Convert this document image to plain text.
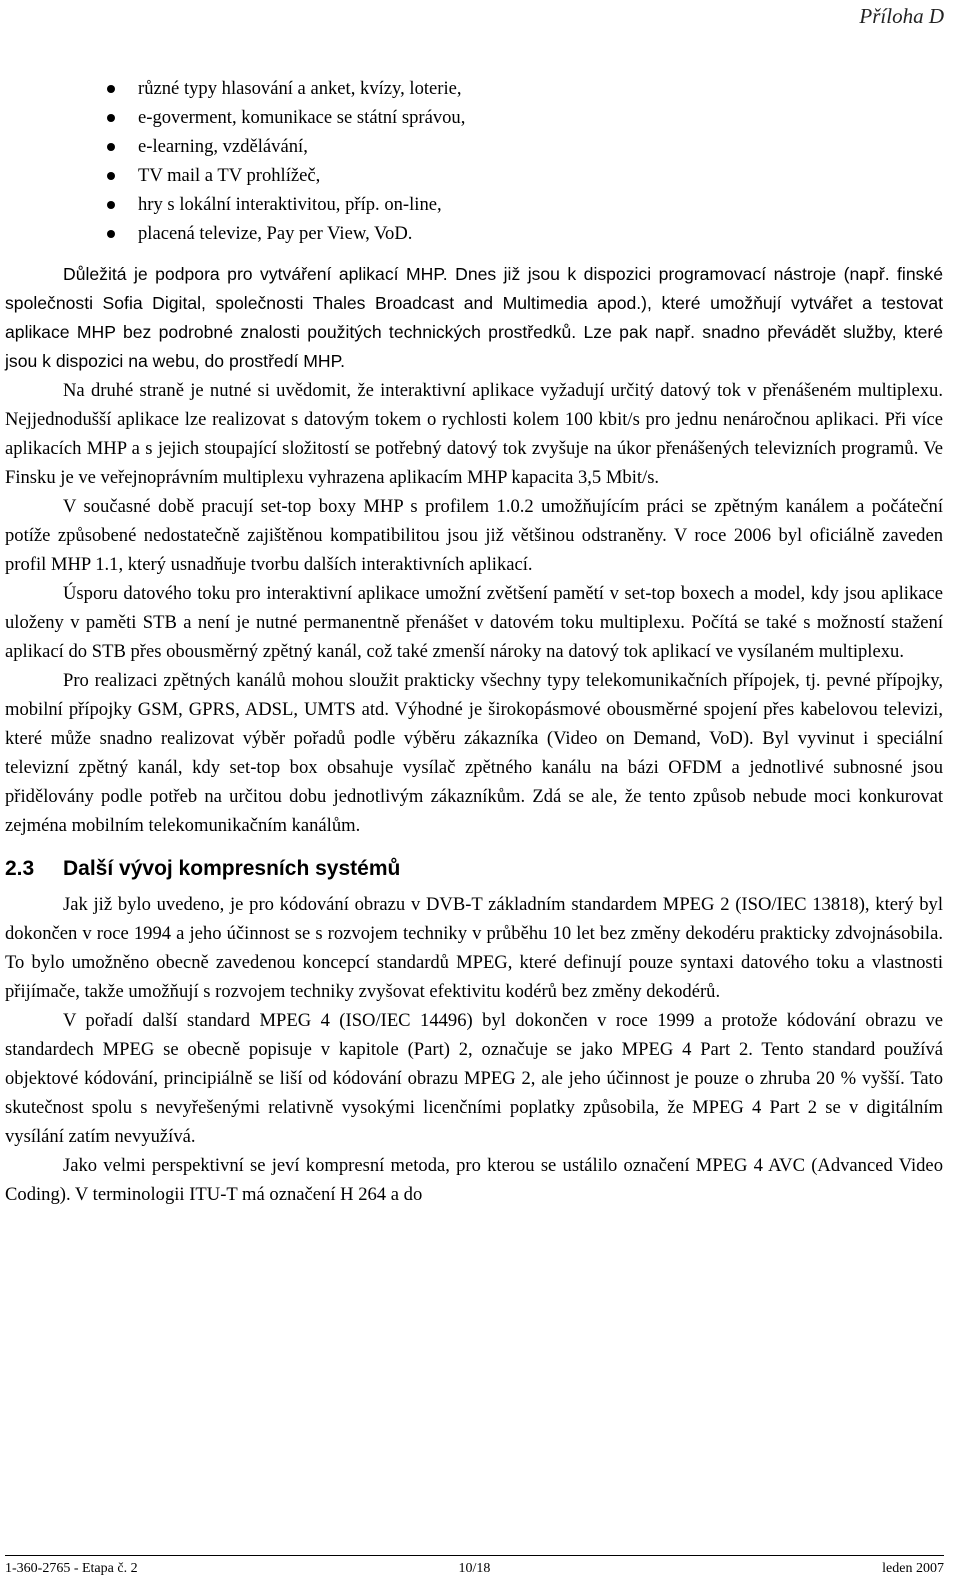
Příloha D
různé typy hlasování a anket, kvízy, loterie,
e-goverment, komunikace se státní správou,
e-learning, vzdělávání,
TV mail a TV prohlížeč,
hry s lokální interaktivitou, příp. on-line,
placená televize, Pay per View, VoD.

Důležitá je podpora pro vytváření aplikací MHP. Dnes již jsou k dispozici programovací nástroje (např. finské společnosti Sofia Digital, společnosti Thales Broadcast and Multimedia apod.), které umožňují vytvářet a testovat aplikace MHP bez podrobné znalosti použitých technických prostředků. Lze pak např. snadno převádět služby, které jsou k dispozici na webu, do prostředí MHP.

Na druhé straně je nutné si uvědomit, že interaktivní aplikace vyžadují určitý datový tok v přenášeném multiplexu. Nejjednodušší aplikace lze realizovat s datovým tokem o rychlosti kolem 100 kbit/s pro jednu nenáročnou aplikaci. Při více aplikacích MHP a s jejich stoupající složitostí se potřebný datový tok zvyšuje na úkor přenášených televizních programů. Ve Finsku je ve veřejnoprávním multiplexu vyhrazena aplikacím MHP kapacita 3,5 Mbit/s.

V současné době pracují set-top boxy MHP s profilem 1.0.2 umožňujícím práci se zpětným kanálem a počáteční potíže způsobené nedostatečně zajištěnou kompatibilitou jsou již většinou odstraněny. V roce 2006 byl oficiálně zaveden profil MHP 1.1, který usnadňuje tvorbu dalších interaktivních aplikací.

Úsporu datového toku pro interaktivní aplikace umožní zvětšení pamětí v set-top boxech a model, kdy jsou aplikace uloženy v paměti STB a není je nutné permanentně přenášet v datovém toku multiplexu. Počítá se také s možností stažení aplikací do STB přes obousměrný zpětný kanál, což také zmenší nároky na datový tok aplikací ve vysílaném multiplexu.

Pro realizaci zpětných kanálů mohou sloužit prakticky všechny typy telekomunikačních přípojek, tj. pevné přípojky, mobilní přípojky GSM, GPRS, ADSL, UMTS atd. Výhodné je širokopásmové obousměrné spojení přes kabelovou televizi, které může snadno realizovat výběr pořadů podle výběru zákazníka (Video on Demand, VoD). Byl vyvinut i speciální televizní zpětný kanál, kdy set-top box obsahuje vysílač zpětného kanálu na bázi OFDM a jednotlivé subnosné jsou přidělovány podle potřeb na určitou dobu jednotlivým zákazníkům. Zdá se ale, že tento způsob nebude moci konkurovat zejména mobilním telekomunikačním kanálům.

2.3 Další vývoj kompresních systémů

Jak již bylo uvedeno, je pro kódování obrazu v DVB-T základním standardem MPEG 2 (ISO/IEC 13818), který byl dokončen v roce 1994 a jeho účinnost se s rozvojem techniky v průběhu 10 let bez změny dekodéru prakticky zdvojnásobila. To bylo umožněno obecně zavedenou koncepcí standardů MPEG, které definují pouze syntaxi datového toku a vlastnosti přijímače, takže umožňují s rozvojem techniky zvyšovat efektivitu kodérů bez změny dekodérů.

V pořadí další standard MPEG 4 (ISO/IEC 14496) byl dokončen v roce 1999 a protože kódování obrazu ve standardech MPEG se obecně popisuje v kapitole (Part) 2, označuje se jako MPEG 4 Part 2. Tento standard používá objektové kódování, principiálně se liší od kódování obrazu MPEG 2, ale jeho účinnost je pouze o zhruba 20 % vyšší. Tato skutečnost spolu s nevyřešenými relativně vysokými licenčními poplatky způsobila, že MPEG 4 Part 2 se v digitálním vysílání zatím nevyužívá.

Jako velmi perspektivní se jeví kompresní metoda, pro kterou se ustálilo označení MPEG 4 AVC (Advanced Video Coding). V terminologii ITU-T má označení H 264 a do

1-360-2765 - Etapa č. 2	10/18	leden 2007
